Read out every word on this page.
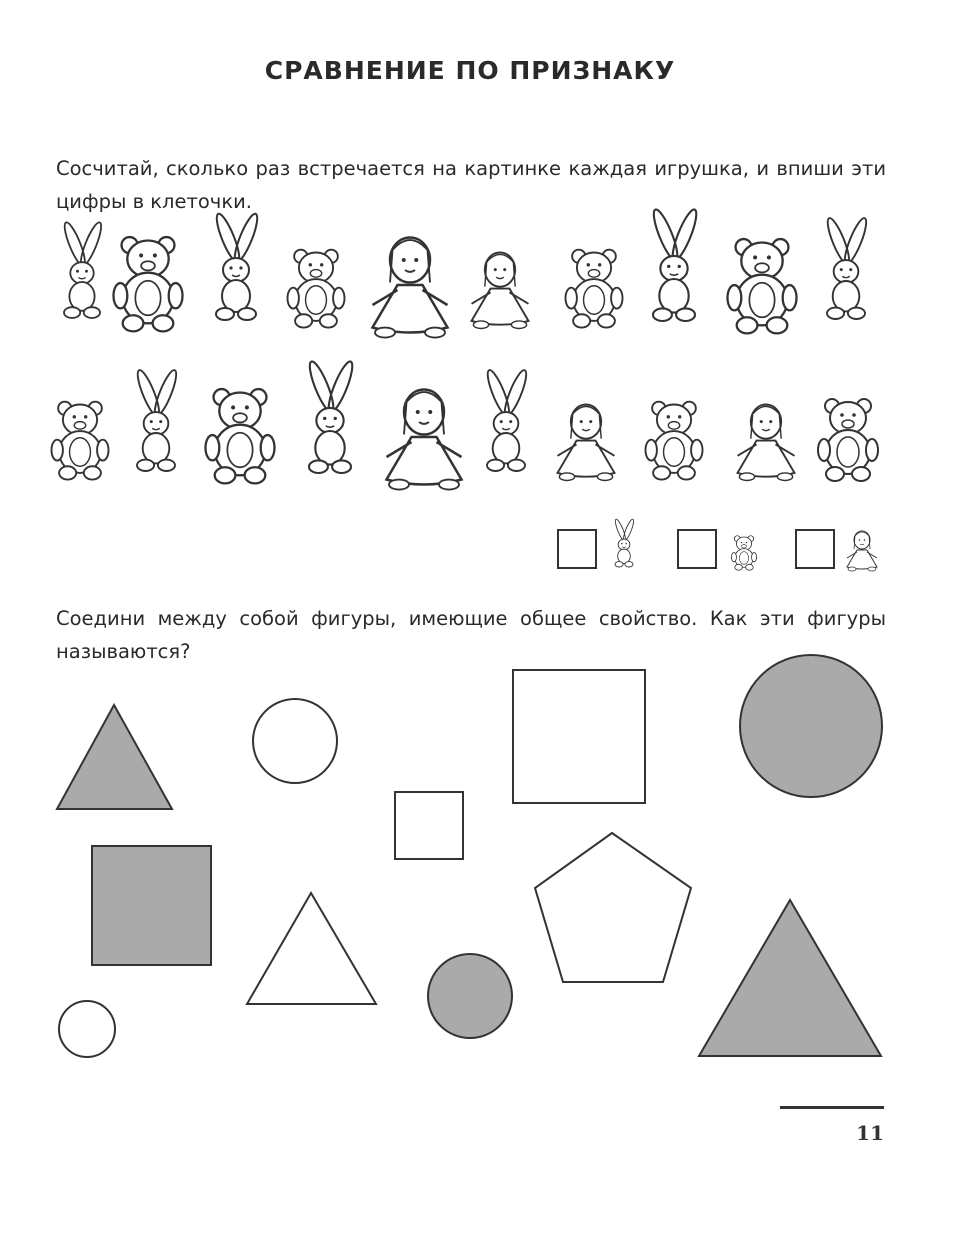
СРАВНЕНИЕ ПО ПРИЗНАКУ
Сосчитай, сколько раз встречается на картинке каждая игрушка, и впиши эти цифры в клеточки.
Соедини между собой фигуры, имеющие общее свойство. Как эти фигуры называются?
11
